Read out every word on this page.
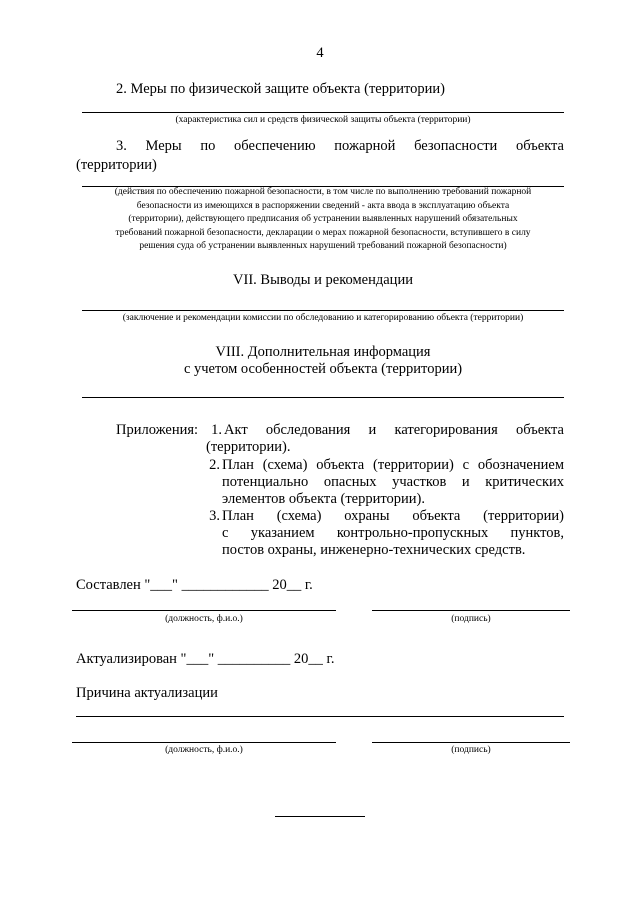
4
2. Меры по физической защите объекта (территории)
(характеристика сил и средств физической защиты объекта (территории)
3. Меры по обеспечению пожарной безопасности объекта
(территории)
(действия по обеспечению пожарной безопасности, в том числе по выполнению требований пожарной
безопасности из имеющихся в распоряжении сведений - акта ввода в эксплуатацию объекта
(территории), действующего предписания об устранении выявленных нарушений обязательных
требований пожарной безопасности, декларации о мерах пожарной безопасности, вступившего в силу
решения суда об устранении выявленных нарушений требований пожарной безопасности)
VII. Выводы и рекомендации
(заключение и рекомендации комиссии по обследованию и категорированию объекта (территории)
VIII. Дополнительная информация
с учетом особенностей объекта (территории)
Приложения: 1. Акт обследования и категорирования объекта
(территории).
2. План (схема) объекта (территории) с обозначением
потенциально опасных участков и критических
элементов объекта (территории).
3. План (схема) охраны объекта (территории)
с указанием контрольно-пропускных пунктов,
постов охраны, инженерно-технических средств.
Составлен "___" ____________ 20__ г.
(должность, ф.и.о.)	(подпись)
Актуализирован "___" __________ 20__ г.
Причина актуализации
(должность, ф.и.о.)	(подпись)
